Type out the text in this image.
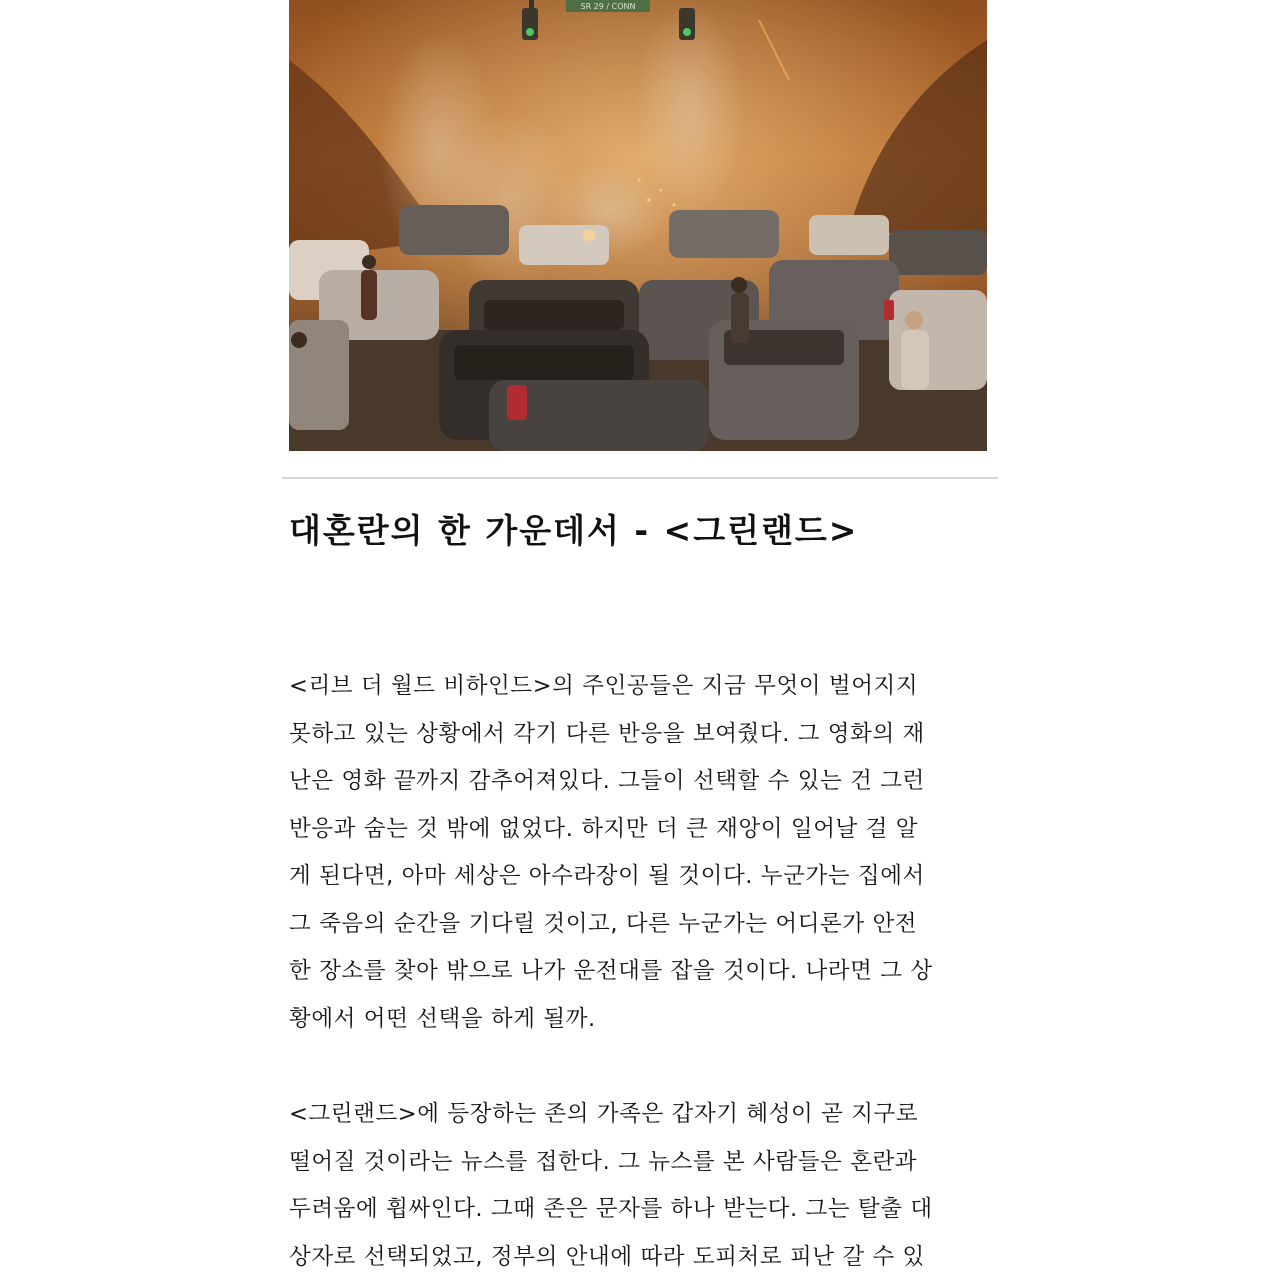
SR 29 / CONN
대혼란의 한 가운데서 - <그린랜드>
<리브 더 월드 비하인드>의 주인공들은 지금 무엇이 벌어지지
못하고 있는 상황에서 각기 다른 반응을 보여줬다. 그 영화의 재
난은 영화 끝까지 감추어져있다. 그들이 선택할 수 있는 건 그런
반응과 숨는 것 밖에 없었다. 하지만 더 큰 재앙이 일어날 걸 알
게 된다면, 아마 세상은 아수라장이 될 것이다. 누군가는 집에서
그 죽음의 순간을 기다릴 것이고, 다른 누군가는 어디론가 안전
한 장소를 찾아 밖으로 나가 운전대를 잡을 것이다. 나라면 그 상
황에서 어떤 선택을 하게 될까.
<그린랜드>에 등장하는 존의 가족은 갑자기 혜성이 곧 지구로
떨어질 것이라는 뉴스를 접한다. 그 뉴스를 본 사람들은 혼란과
두려움에 휩싸인다. 그때 존은 문자를 하나 받는다. 그는 탈출 대
상자로 선택되었고, 정부의 안내에 따라 도피처로 피난 갈 수 있
